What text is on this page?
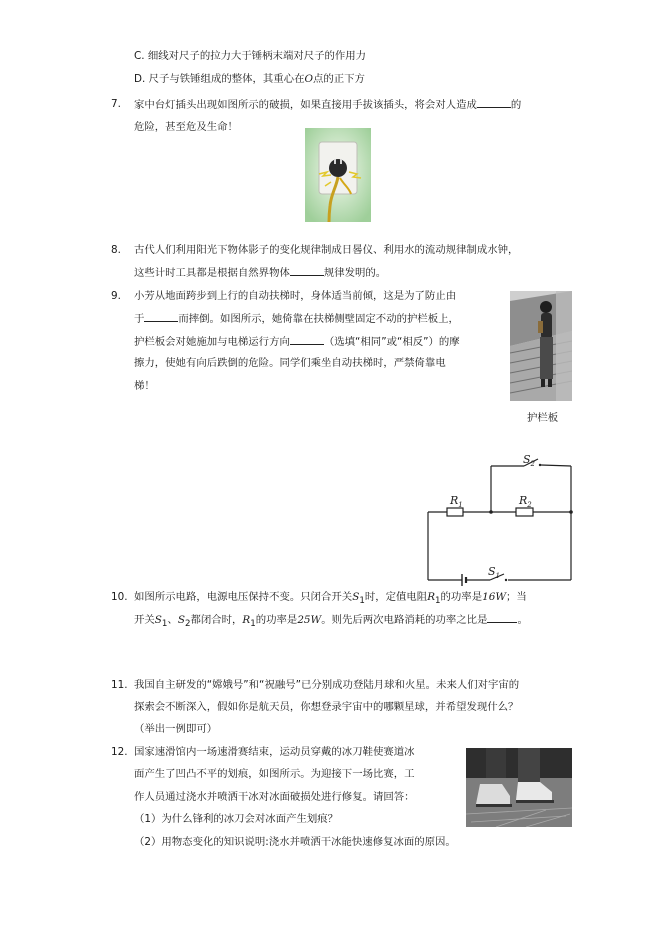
C. 细线对尺子的拉力大于锤柄末端对尺子的作用力
D. 尺子与铁锤组成的整体，其重心在O点的正下方
7. 家中台灯插头出现如图所示的破损，如果直接用手拔该插头，将会对人造成	的
危险，甚至危及生命！
8. 古代人们利用阳光下物体影子的变化规律制成日晷仪、利用水的流动规律制成水钟，
这些计时工具都是根据自然界物体	规律发明的。
9. 小芳从地面跨步到上行的自动扶梯时，身体适当前倾，这是为了防止由
于	而摔倒。如图所示，她倚靠在扶梯侧壁固定不动的护栏板上，
护栏板会对她施加与电梯运行方向	（选填“相同”或“相反”）的摩
擦力，使她有向后跌倒的危险。同学们乘坐自动扶梯时，严禁倚靠电
梯！
护栏板
$S_2$
$R_1$	$R_2$
$S_1$
10. 如图所示电路，电源电压保持不变。只闭合开关$S_1$时，定值电阻$R_1$的功率是16W；当
开关$S_1$、$S_2$都闭合时，$R_1$的功率是25W。则先后两次电路消耗的功率之比是	。
11. 我国自主研发的“嫦娥号”和“祝融号”已分别成功登陆月球和火星。未来人们对宇宙的
探索会不断深入，假如你是航天员，你想登录宇宙中的哪颗星球，并希望发现什么？
（举出一例即可）
12. 国家速滑馆内一场速滑赛结束，运动员穿戴的冰刀鞋使赛道冰
面产生了凹凸不平的划痕，如图所示。为迎接下一场比赛，工
作人员通过浇水并喷洒干冰对冰面破损处进行修复。请回答：
（1）为什么锋利的冰刀会对冰面产生划痕？
（2）用物态变化的知识说明:浇水并喷洒干冰能快速修复冰面的原因。
